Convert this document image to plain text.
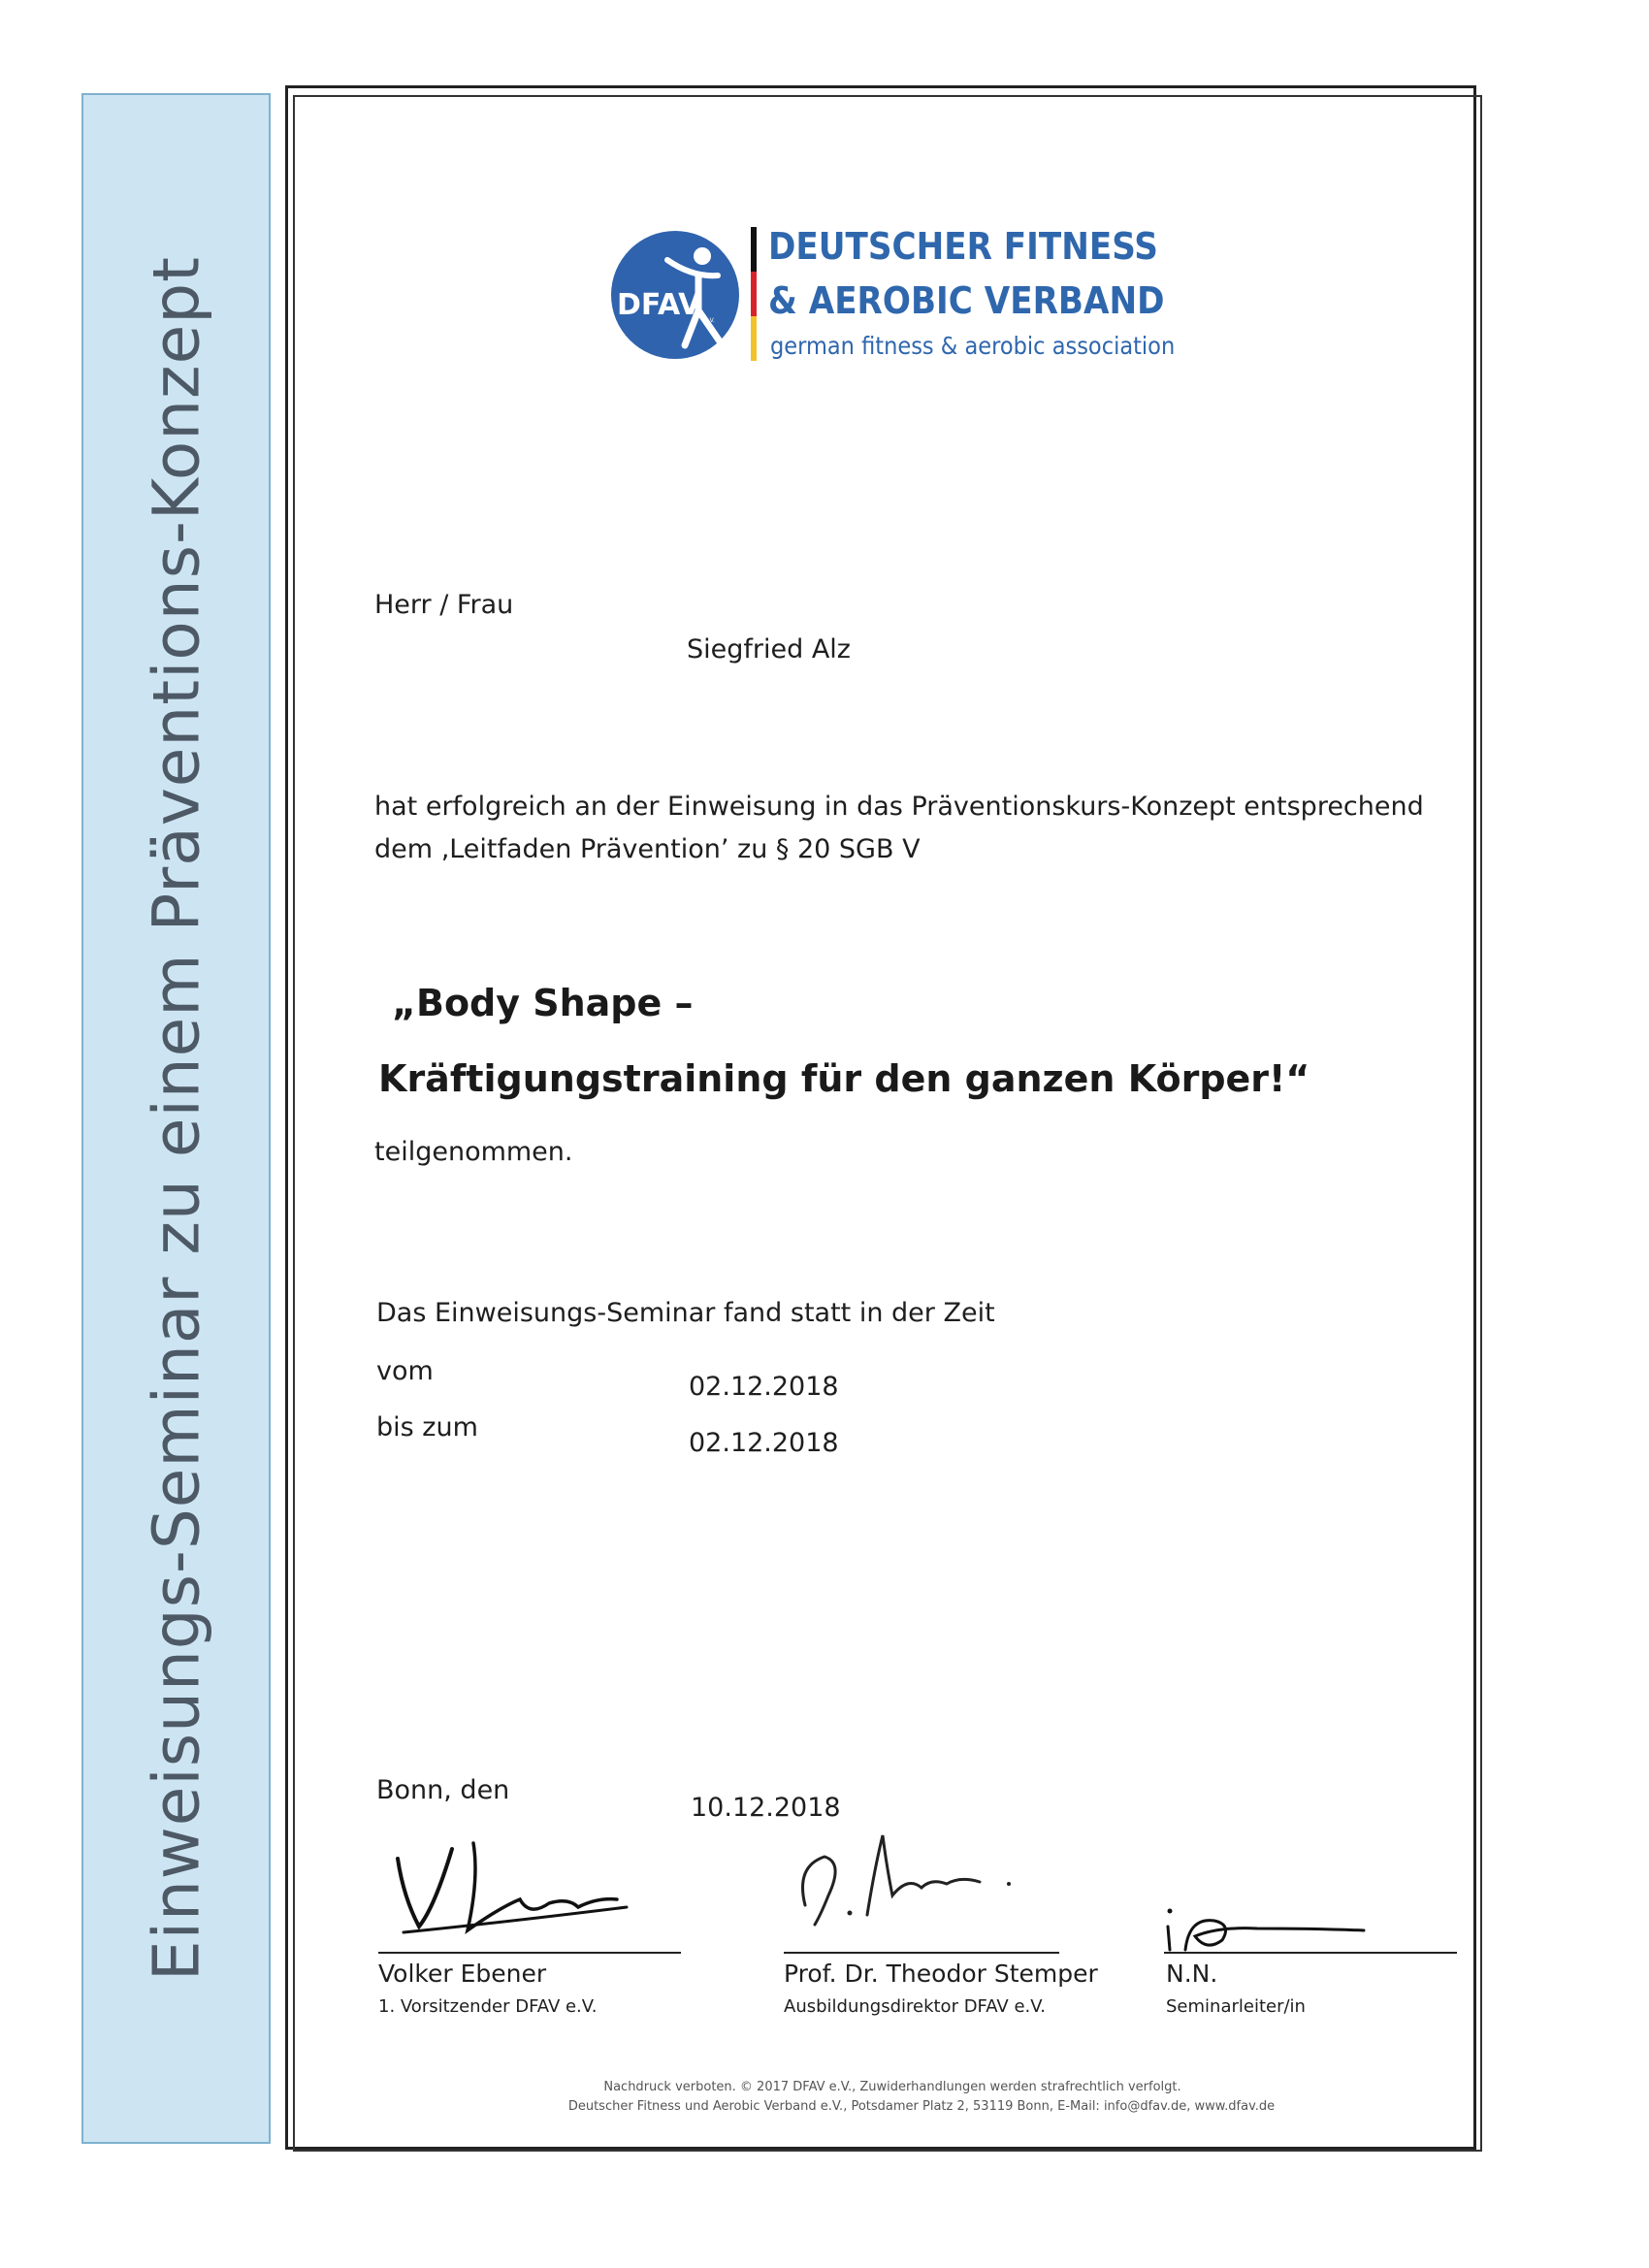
Einweisungs-Seminar zu einem Präventions-Konzept	DFAV e.V.
DEUTSCHER FITNESS
& AEROBIC VERBAND
german fitness & aerobic association
Herr / Frau
Siegfried Alz
hat erfolgreich an der Einweisung in das Präventionskurs-Konzept entsprechend
dem ‚Leitfaden Prävention’ zu § 20 SGB V
„Body Shape –
Kräftigungstraining für den ganzen Körper!“
teilgenommen.
Das Einweisungs-Seminar fand statt in der Zeit
vom
02.12.2018
bis zum
02.12.2018
Bonn, den
10.12.2018
Volker Ebener
1. Vorsitzender DFAV e.V.
Prof. Dr. Theodor Stemper
Ausbildungsdirektor DFAV e.V.
N.N.
Seminarleiter/in
Nachdruck verboten. © 2017 DFAV e.V., Zuwiderhandlungen werden strafrechtlich verfolgt.
Deutscher Fitness und Aerobic Verband e.V., Potsdamer Platz 2, 53119 Bonn, E-Mail: info@dfav.de, www.dfav.de
